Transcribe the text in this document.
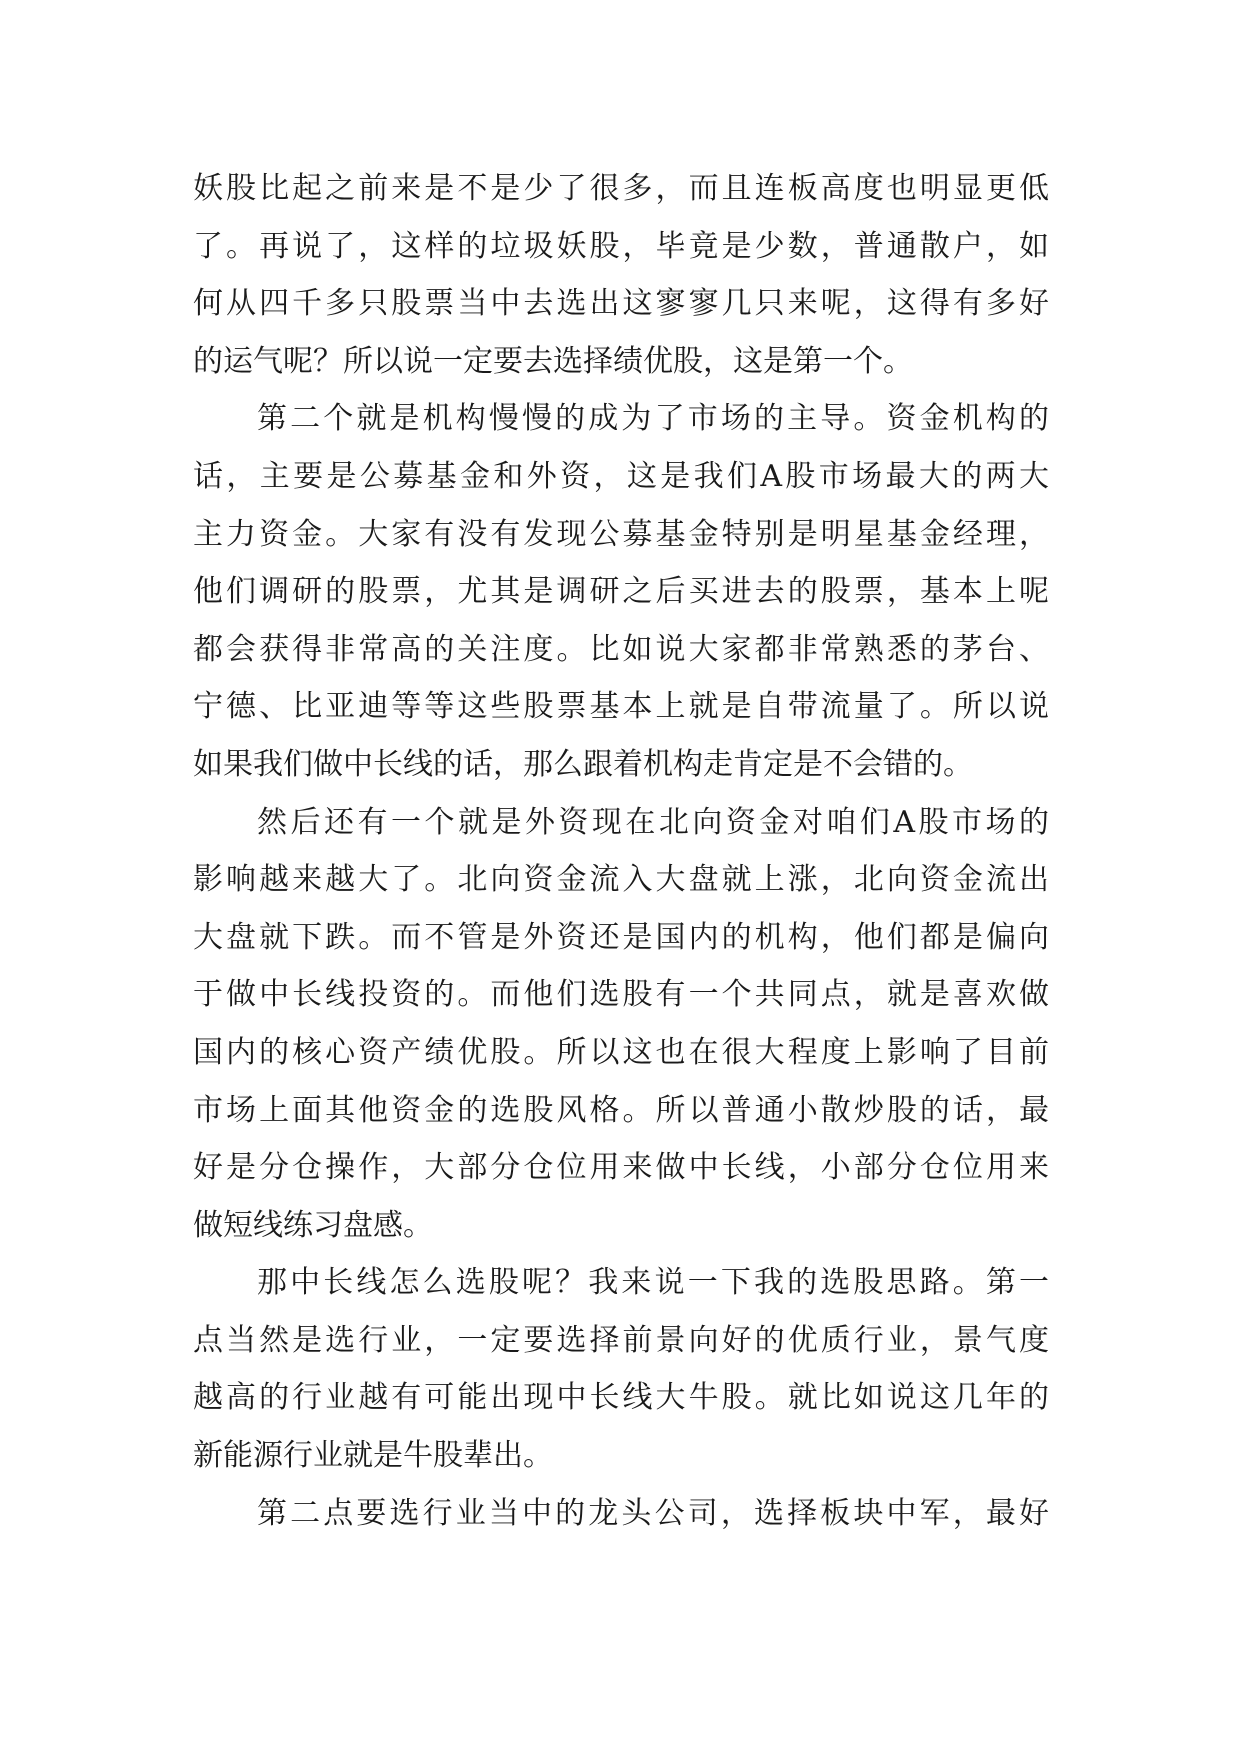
妖股比起之前来是不是少了很多，而且连板高度也明显更低
了。再说了，这样的垃圾妖股，毕竟是少数，普通散户，如
何从四千多只股票当中去选出这寥寥几只来呢，这得有多好
的运气呢？所以说一定要去选择绩优股，这是第一个。
第二个就是机构慢慢的成为了市场的主导。资金机构的
话，主要是公募基金和外资，这是我们A股市场最大的两大
主力资金。大家有没有发现公募基金特别是明星基金经理，
他们调研的股票，尤其是调研之后买进去的股票，基本上呢
都会获得非常高的关注度。比如说大家都非常熟悉的茅台、
宁德、比亚迪等等这些股票基本上就是自带流量了。所以说
如果我们做中长线的话，那么跟着机构走肯定是不会错的。
然后还有一个就是外资现在北向资金对咱们A股市场的
影响越来越大了。北向资金流入大盘就上涨，北向资金流出
大盘就下跌。而不管是外资还是国内的机构，他们都是偏向
于做中长线投资的。而他们选股有一个共同点，就是喜欢做
国内的核心资产绩优股。所以这也在很大程度上影响了目前
市场上面其他资金的选股风格。所以普通小散炒股的话，最
好是分仓操作，大部分仓位用来做中长线，小部分仓位用来
做短线练习盘感。
那中长线怎么选股呢？我来说一下我的选股思路。第一
点当然是选行业，一定要选择前景向好的优质行业，景气度
越高的行业越有可能出现中长线大牛股。就比如说这几年的
新能源行业就是牛股辈出。
第二点要选行业当中的龙头公司，选择板块中军，最好
